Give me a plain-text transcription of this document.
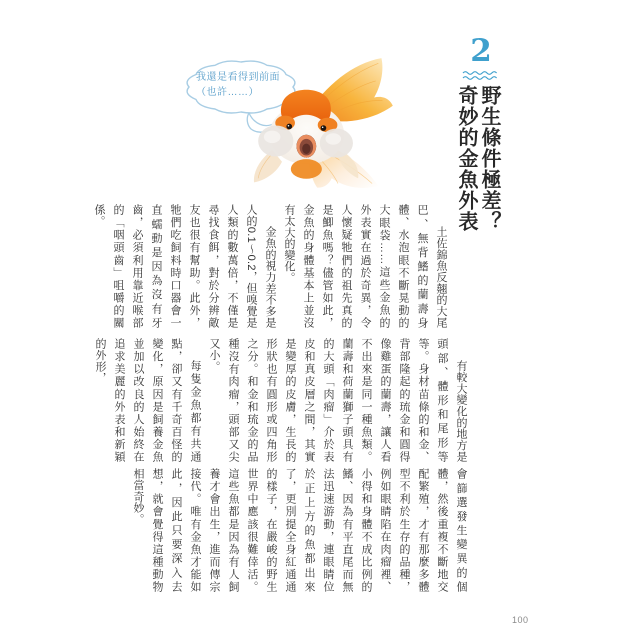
我還是看得到前面
（也許……）
2
野生條件極差？
奇妙的金魚外表

土佐錦魚反翹的大尾巴、無背鰭的蘭壽身體、水泡眼不斷晃動的大眼袋……這些金魚的外表實在過於奇異，令人懷疑牠們的祖先真的是鯽魚嗎？儘管如此，金魚的身體基本上並沒有太大的變化。

金魚的視力差不多是人的0.1～0.2，但嗅覺是人類的數萬倍，不僅是尋找食餌，對於分辨敵友也很有幫助。此外，牠們吃飼料時口器會一直蠕動是因為沒有牙齒，必須利用靠近喉部的「咽頭齒」咀嚼的關係。

有較大變化的地方是頭部、體形和尾形等等。身材苗條的和金、背部隆起的琉金和圓得像雞蛋的蘭壽，讓人看不出來是同一種魚類。蘭壽和荷蘭獅子頭具有的大頭「肉瘤」介於表皮和真皮層之間，其實是變厚的皮膚，生長的形狀也有圓形或四角形之分。和金和琉金的品種沒有肉瘤，頭部又尖又小。

每隻金魚都有共通點，卻又有千奇百怪的變化，原因是飼養金魚並加以改良的人始終在追求美麗的外表和新穎的外形，

會篩選發生變異的個體，然後重複不斷地交配繁殖，才有那麼多體型不利於生存的品種，例如眼睛陷在肉瘤裡、小得和身體不成比例的鰭、因為有平直尾而無法迅速游動，連眼睛位於正上方的魚都出來了，更別提全身紅通通的樣子，在嚴峻的野生世界中應該很難倖活。這些魚都是因為有人飼養才會出生，進而傳宗接代。唯有金魚才能如此，因此只要深入去想，就會覺得這種動物相當奇妙。

100
